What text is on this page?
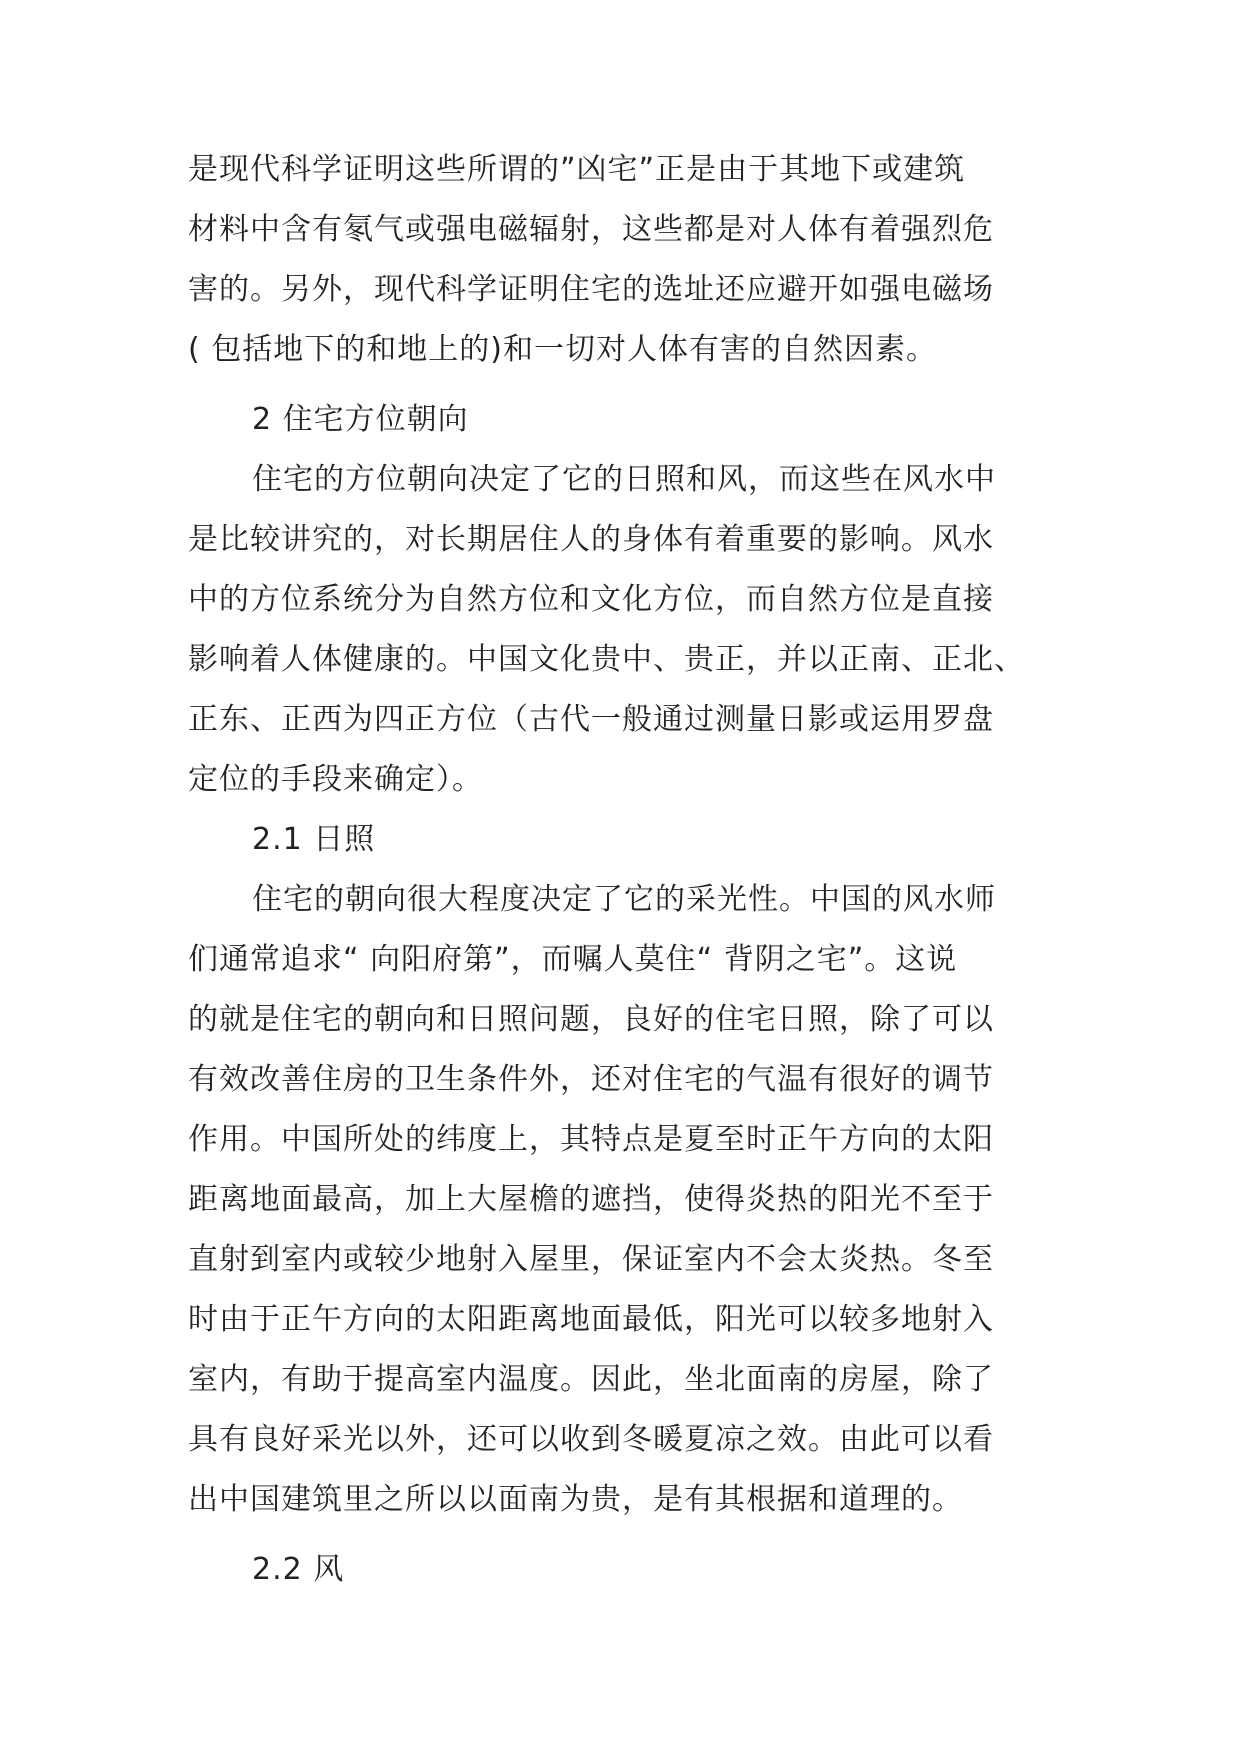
是现代科学证明这些所谓的”凶宅”正是由于其地下或建筑
材料中含有氡气或强电磁辐射，这些都是对人体有着强烈危
害的。另外，现代科学证明住宅的选址还应避开如强电磁场
( 包括地下的和地上的)和一切对人体有害的自然因素。
2 住宅方位朝向
住宅的方位朝向决定了它的日照和风，而这些在风水中
是比较讲究的，对长期居住人的身体有着重要的影响。风水
中的方位系统分为自然方位和文化方位，而自然方位是直接
影响着人体健康的。中国文化贵中、贵正，并以正南、正北、
正东、正西为四正方位（古代一般通过测量日影或运用罗盘
定位的手段来确定）。
2.1 日照
住宅的朝向很大程度决定了它的采光性。中国的风水师
们通常追求“ 向阳府第”，而嘱人莫住“ 背阴之宅”。这说
的就是住宅的朝向和日照问题，良好的住宅日照，除了可以
有效改善住房的卫生条件外，还对住宅的气温有很好的调节
作用。中国所处的纬度上，其特点是夏至时正午方向的太阳
距离地面最高，加上大屋檐的遮挡，使得炎热的阳光不至于
直射到室内或较少地射入屋里，保证室内不会太炎热。冬至
时由于正午方向的太阳距离地面最低，阳光可以较多地射入
室内，有助于提高室内温度。因此，坐北面南的房屋，除了
具有良好采光以外，还可以收到冬暖夏凉之效。由此可以看
出中国建筑里之所以以面南为贵，是有其根据和道理的。
2.2 风
